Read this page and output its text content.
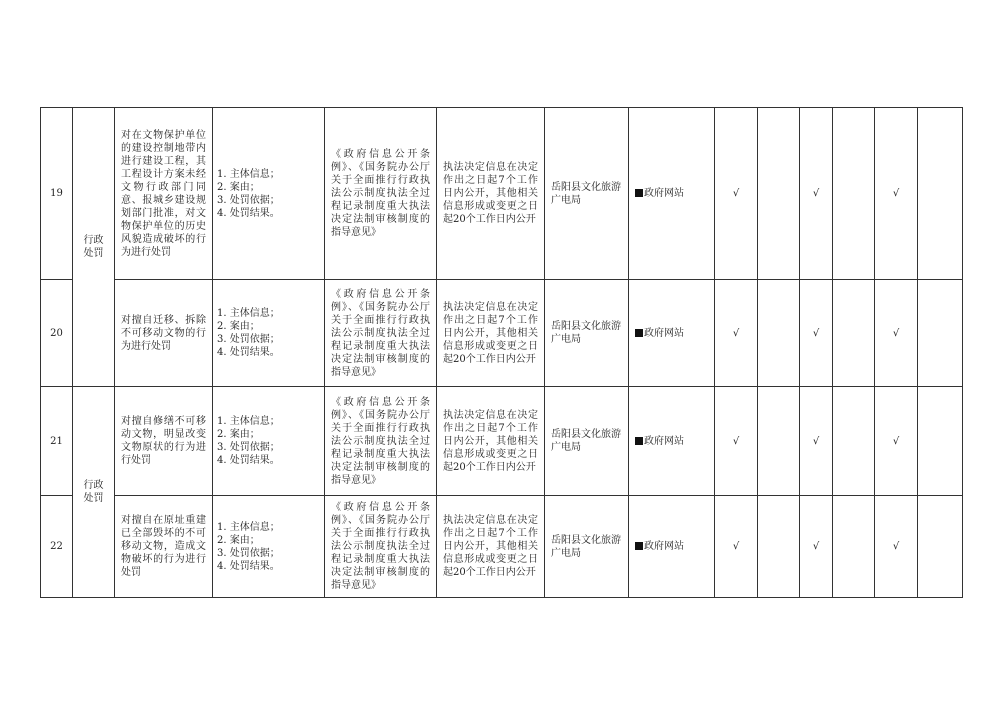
19	行政处罚	对在文物保护单位的建设控制地带内进行建设工程，其工程设计方案未经文物行政部门同意、报城乡建设规划部门批准，对文物保护单位的历史风貌造成破坏的行为进行处罚	1. 主体信息；
2. 案由；
3. 处罚依据；
4. 处罚结果。	《政府信息公开条例》、《国务院办公厅关于全面推行行政执法公示制度执法全过程记录制度重大执法决定法制审核制度的指导意见》	执法决定信息在决定作出之日起7个工作日内公开，其他相关信息形成或变更之日起20个工作日内公开	岳阳县文化旅游广电局	政府网站	√		√		√	
20		对擅自迁移、拆除不可移动文物的行为进行处罚	1. 主体信息；
2. 案由；
3. 处罚依据；
4. 处罚结果。	《政府信息公开条例》、《国务院办公厅关于全面推行行政执法公示制度执法全过程记录制度重大执法决定法制审核制度的指导意见》	执法决定信息在决定作出之日起7个工作日内公开，其他相关信息形成或变更之日起20个工作日内公开	岳阳县文化旅游广电局	政府网站	√		√		√	
21	行政处罚	对擅自修缮不可移动文物，明显改变文物原状的行为进行处罚	1. 主体信息；
2. 案由；
3. 处罚依据；
4. 处罚结果。	《政府信息公开条例》、《国务院办公厅关于全面推行行政执法公示制度执法全过程记录制度重大执法决定法制审核制度的指导意见》	执法决定信息在决定作出之日起7个工作日内公开，其他相关信息形成或变更之日起20个工作日内公开	岳阳县文化旅游广电局	政府网站	√		√		√	
22		对擅自在原址重建已全部毁坏的不可移动文物，造成文物破坏的行为进行处罚	1. 主体信息；
2. 案由；
3. 处罚依据；
4. 处罚结果。	《政府信息公开条例》、《国务院办公厅关于全面推行行政执法公示制度执法全过程记录制度重大执法决定法制审核制度的指导意见》	执法决定信息在决定作出之日起7个工作日内公开，其他相关信息形成或变更之日起20个工作日内公开	岳阳县文化旅游广电局	政府网站	√		√		√	
